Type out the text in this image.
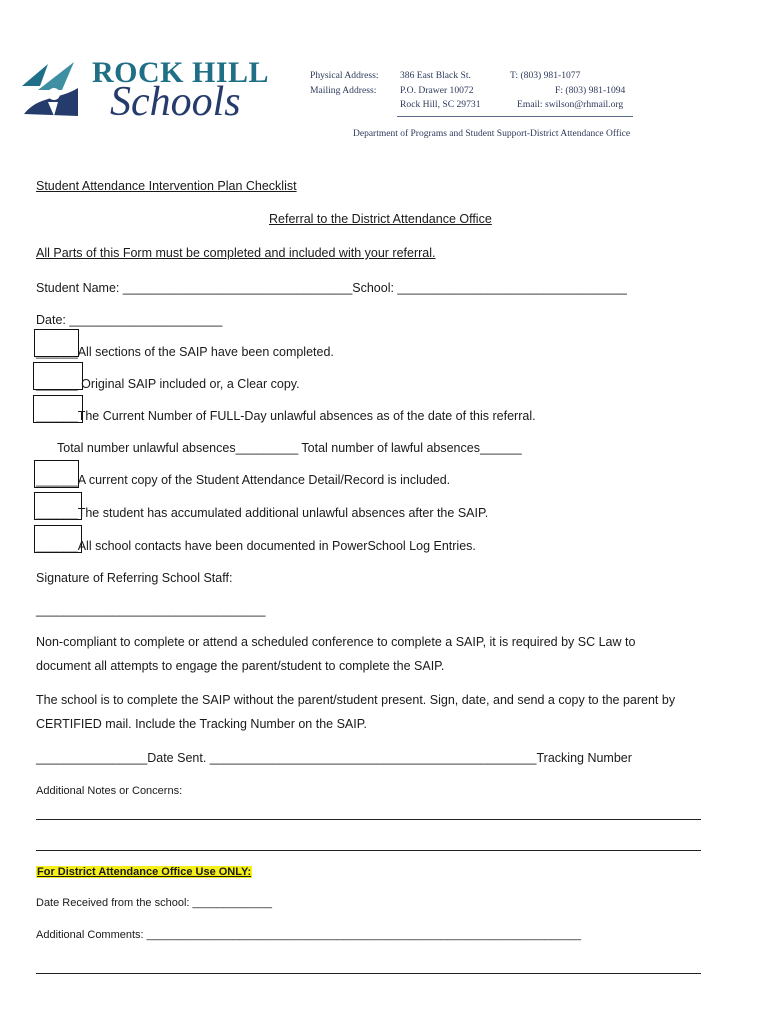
ROCK HILL
Schools
Physical Address: 386 East Black St.
Mailing Address: P.O. Drawer 10072
Rock Hill, SC 29731
T: (803) 981-1077
F: (803) 981-1094
Email: swilson@rhmail.org
Department of Programs and Student Support-District Attendance Office
Student Attendance Intervention Plan Checklist
Referral to the District Attendance Office
All Parts of this Form must be completed and included with your referral.
Student Name: _________________________________School: _________________________________
Date: ______________________
______All sections of the SAIP have been completed.
______ Original SAIP included or, a Clear copy.
______The Current Number of FULL-Day unlawful absences as of the date of this referral.
Total number unlawful absences_________ Total number of lawful absences______
______A current copy of the Student Attendance Detail/Record is included.
______The student has accumulated additional unlawful absences after the SAIP.
______All school contacts have been documented in PowerSchool Log Entries.
Signature of Referring School Staff:
_________________________________
Non-compliant to complete or attend a scheduled conference to complete a SAIP, it is required by SC Law to
document all attempts to engage the parent/student to complete the SAIP.
The school is to complete the SAIP without the parent/student present. Sign, date, and send a copy to the parent by
CERTIFIED mail. Include the Tracking Number on the SAIP.
________________Date Sent. _______________________________________________Tracking Number
Additional Notes or Concerns:
For District Attendance Office Use ONLY:
Date Received from the school: _____________
Additional Comments: _______________________________________________________________________
